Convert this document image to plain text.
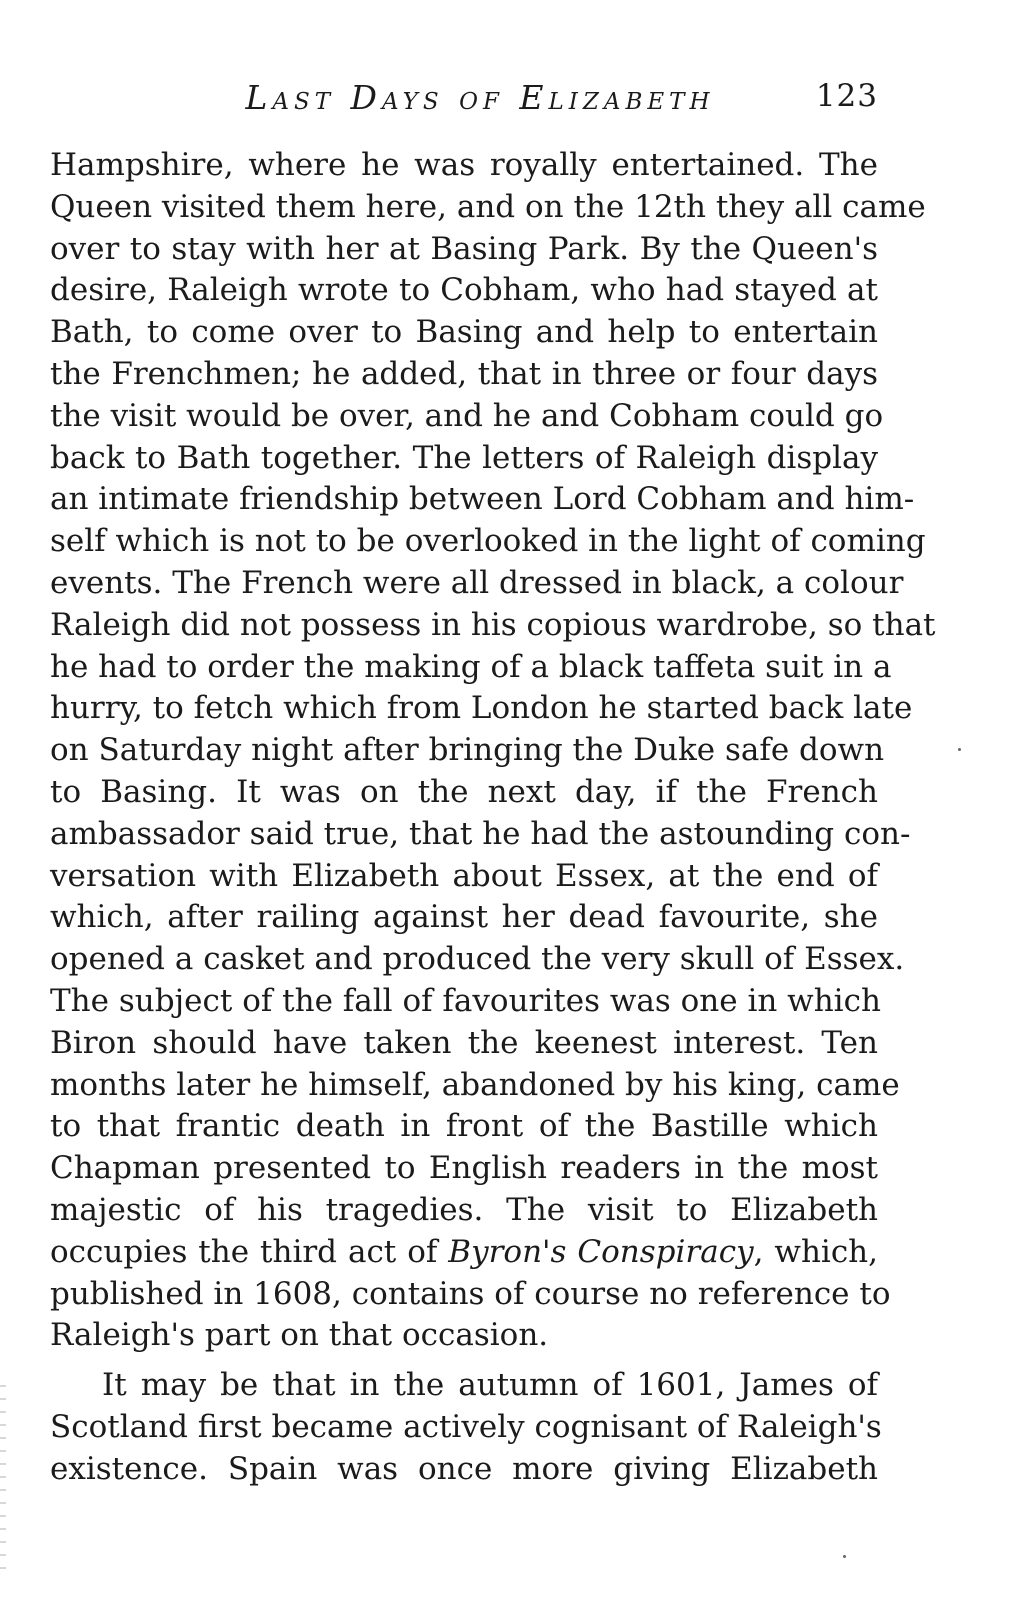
Last Days of Elizabeth	123
Hampshire, where he was royally entertained. The
Queen visited them here, and on the 12th they all came
over to stay with her at Basing Park. By the Queen's
desire, Raleigh wrote to Cobham, who had stayed at
Bath, to come over to Basing and help to entertain
the Frenchmen; he added, that in three or four days
the visit would be over, and he and Cobham could go
back to Bath together. The letters of Raleigh display
an intimate friendship between Lord Cobham and him-
self which is not to be overlooked in the light of coming
events. The French were all dressed in black, a colour
Raleigh did not possess in his copious wardrobe, so that
he had to order the making of a black taffeta suit in a
hurry, to fetch which from London he started back late
on Saturday night after bringing the Duke safe down
to Basing. It was on the next day, if the French
ambassador said true, that he had the astounding con-
versation with Elizabeth about Essex, at the end of
which, after railing against her dead favourite, she
opened a casket and produced the very skull of Essex.
The subject of the fall of favourites was one in which
Biron should have taken the keenest interest. Ten
months later he himself, abandoned by his king, came
to that frantic death in front of the Bastille which
Chapman presented to English readers in the most
majestic of his tragedies. The visit to Elizabeth
occupies the third act of Byron's Conspiracy, which,
published in 1608, contains of course no reference to
Raleigh's part on that occasion.
It may be that in the autumn of 1601, James of
Scotland first became actively cognisant of Raleigh's
existence. Spain was once more giving Elizabeth
